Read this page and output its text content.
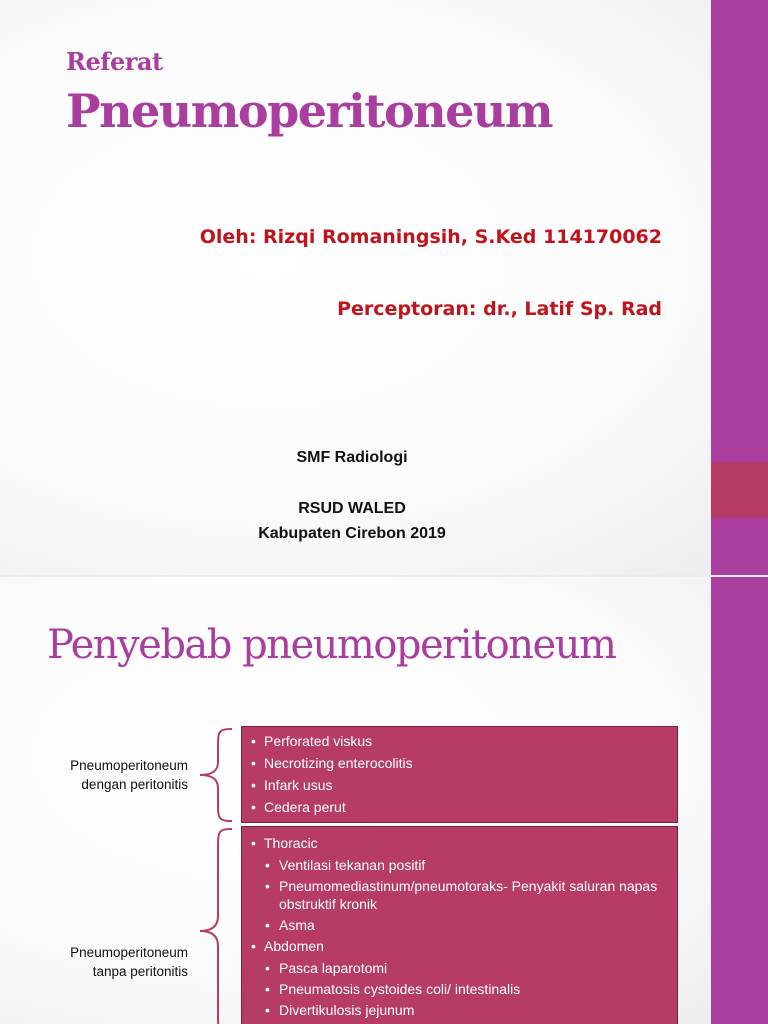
Referat
Pneumoperitoneum
Oleh: Rizqi Romaningsih, S.Ked 114170062
Perceptoran: dr., Latif Sp. Rad
SMF Radiologi
RSUD WALED
Kabupaten Cirebon 2019
Penyebab pneumoperitoneum
Pneumoperitoneum
dengan peritonitis
• Perforated viskus
• Necrotizing enterocolitis
• Infark usus
• Cedera perut
Pneumoperitoneum
tanpa peritonitis
• Thoracic
• Ventilasi tekanan positif
• Pneumomediastinum/pneumotoraks- Penyakit saluran napas obstruktif kronik
• Asma
• Abdomen
• Pasca laparotomi
• Pneumatosis cystoides coli/ intestinalis
• Divertikulosis jejunum
